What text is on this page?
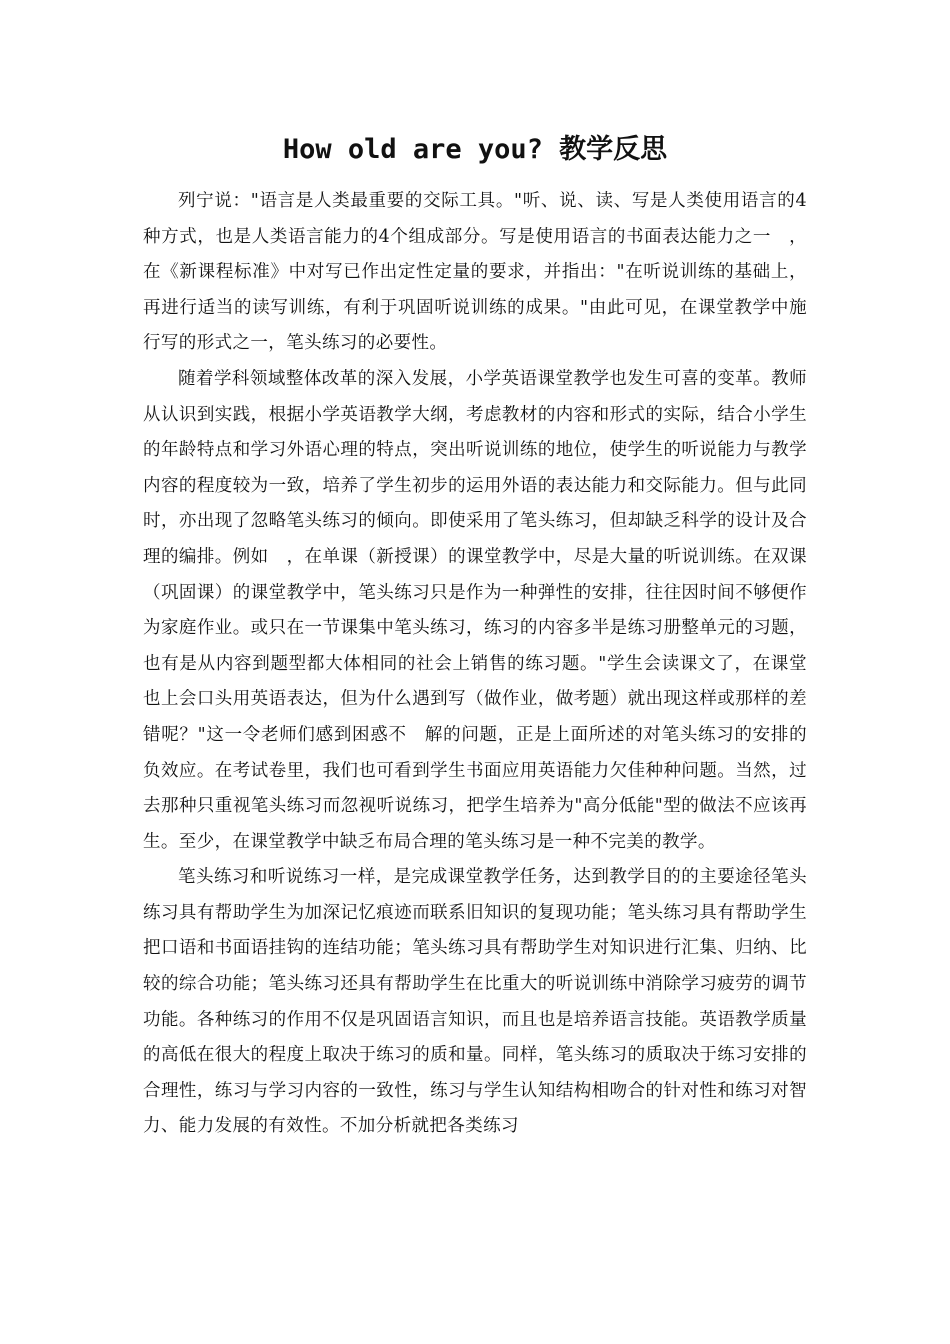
How old are you? 教学反思

列宁说："语言是人类最重要的交际工具。"听、说、读、写是人类使用语言的4种方式，也是人类语言能力的4个组成部分。写是使用语言的书面表达能力之一　，在《新课程标准》中对写已作出定性定量的要求，并指出："在听说训练的基础上，再进行适当的读写训练，有利于巩固听说训练的成果。"由此可见，在课堂教学中施行写的形式之一，笔头练习的必要性。

随着学科领域整体改革的深入发展，小学英语课堂教学也发生可喜的变革。教师从认识到实践，根据小学英语教学大纲，考虑教材的内容和形式的实际，结合小学生的年龄特点和学习外语心理的特点，突出听说训练的地位，使学生的听说能力与教学内容的程度较为一致，培养了学生初步的运用外语的表达能力和交际能力。但与此同时，亦出现了忽略笔头练习的倾向。即使采用了笔头练习，但却缺乏科学的设计及合理的编排。例如　，在单课（新授课）的课堂教学中，尽是大量的听说训练。在双课（巩固课）的课堂教学中，笔头练习只是作为一种弹性的安排，往往因时间不够便作为家庭作业。或只在一节课集中笔头练习，练习的内容多半是练习册整单元的习题，也有是从内容到题型都大体相同的社会上销售的练习题。"学生会读课文了，在课堂也上会口头用英语表达，但为什么遇到写（做作业，做考题）就出现这样或那样的差错呢？"这一令老师们感到困惑不　解的问题，正是上面所述的对笔头练习的安排的负效应。在考试卷里，我们也可看到学生书面应用英语能力欠佳种种问题。当然，过去那种只重视笔头练习而忽视听说练习，把学生培养为"高分低能"型的做法不应该再生。至少，在课堂教学中缺乏布局合理的笔头练习是一种不完美的教学。

笔头练习和听说练习一样，是完成课堂教学任务，达到教学目的的主要途径笔头练习具有帮助学生为加深记忆痕迹而联系旧知识的复现功能；笔头练习具有帮助学生把口语和书面语挂钩的连结功能；笔头练习具有帮助学生对知识进行汇集、归纳、比较的综合功能；笔头练习还具有帮助学生在比重大的听说训练中消除学习疲劳的调节功能。各种练习的作用不仅是巩固语言知识，而且也是培养语言技能。英语教学质量的高低在很大的程度上取决于练习的质和量。同样，笔头练习的质取决于练习安排的合理性，练习与学习内容的一致性，练习与学生认知结构相吻合的针对性和练习对智力、能力发展的有效性。不加分析就把各类练习
